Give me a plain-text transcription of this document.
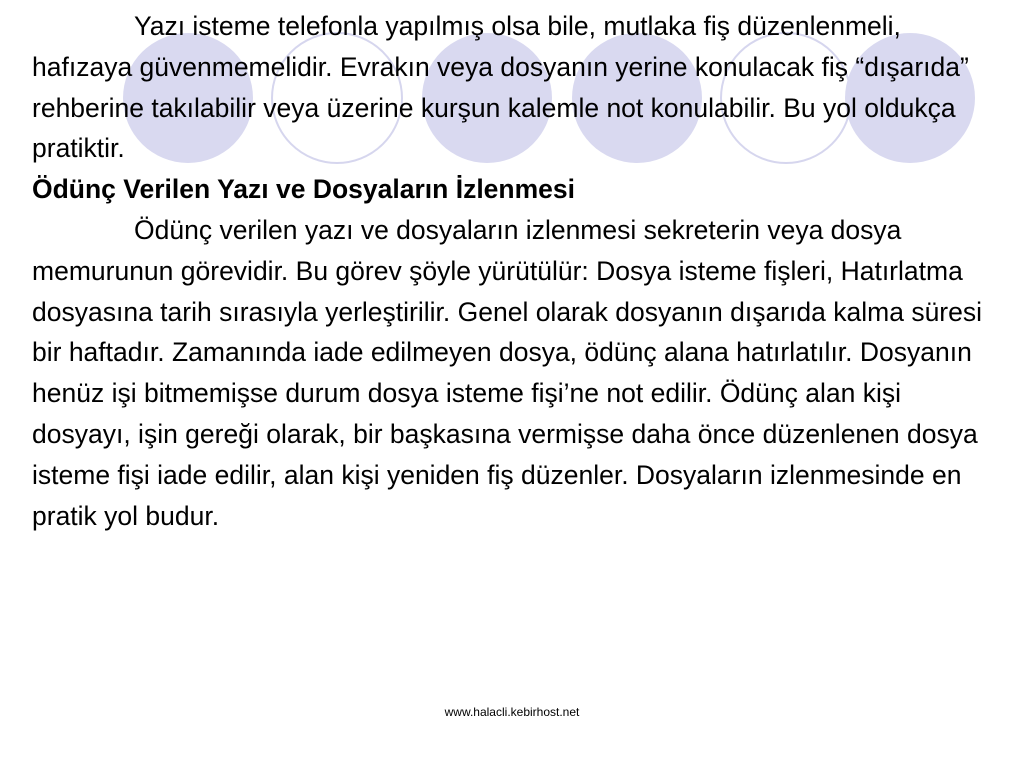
Yazı isteme telefonla yapılmış olsa bile, mutlaka fiş düzenlenmeli, hafızaya güvenmemelidir. Evrakın veya dosyanın yerine konulacak fiş “dışarıda” rehberine takılabilir veya üzerine kurşun kalemle not konulabilir. Bu yol oldukça pratiktir.

Ödünç Verilen Yazı ve Dosyaların İzlenmesi

Ödünç verilen yazı ve dosyaların izlenmesi sekreterin veya dosya memurunun görevidir. Bu görev şöyle yürütülür: Dosya isteme fişleri, Hatırlatma dosyasına tarih sırasıyla yerleştirilir. Genel olarak dosyanın dışarıda kalma süresi bir haftadır. Zamanında iade edilmeyen dosya, ödünç alana hatırlatılır. Dosyanın henüz işi bitmemişse durum dosya isteme fişi’ne not edilir. Ödünç alan kişi dosyayı, işin gereği olarak, bir başkasına vermişse daha önce düzenlenen dosya isteme fişi iade edilir, alan kişi yeniden fiş düzenler. Dosyaların izlenmesinde en pratik yol budur.

www.halacli.kebirhost.net
